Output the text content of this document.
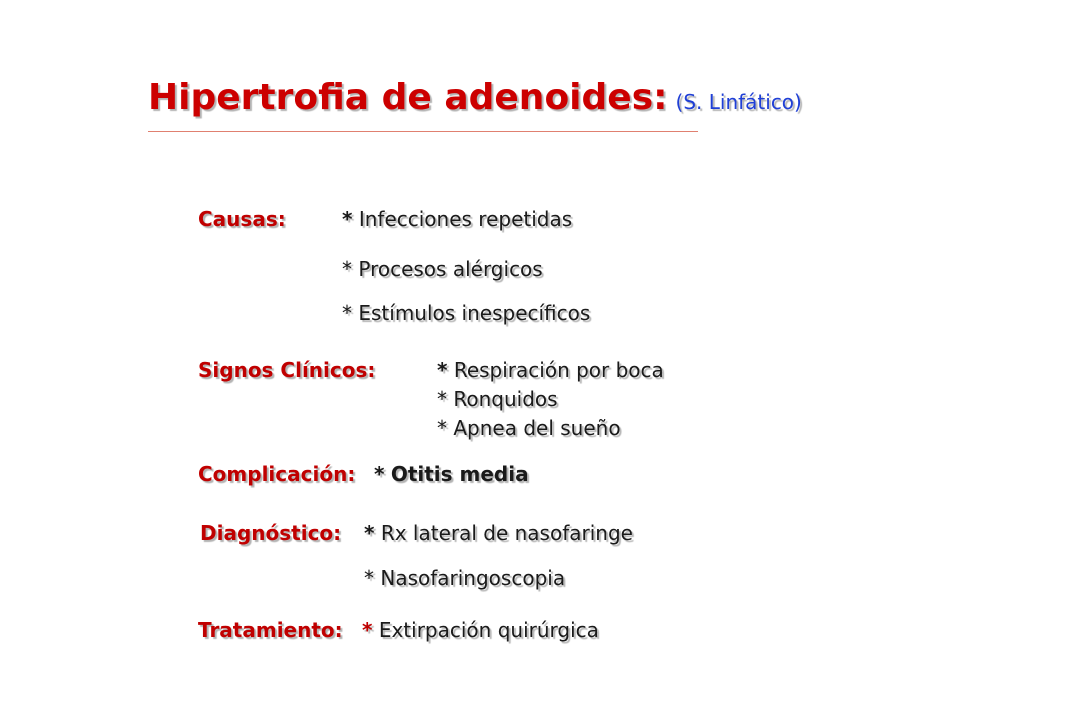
Hipertrofia de adenoides: (S. Linfático)
Causas:	* Infecciones repetidas
* Procesos alérgicos
* Estímulos inespecíficos
Signos Clínicos:	* Respiración por boca
* Ronquidos
* Apnea del sueño
Complicación: * Otitis media
Diagnóstico: * Rx lateral de nasofaringe
* Nasofaringoscopia
Tratamiento: * Extirpación quirúrgica
